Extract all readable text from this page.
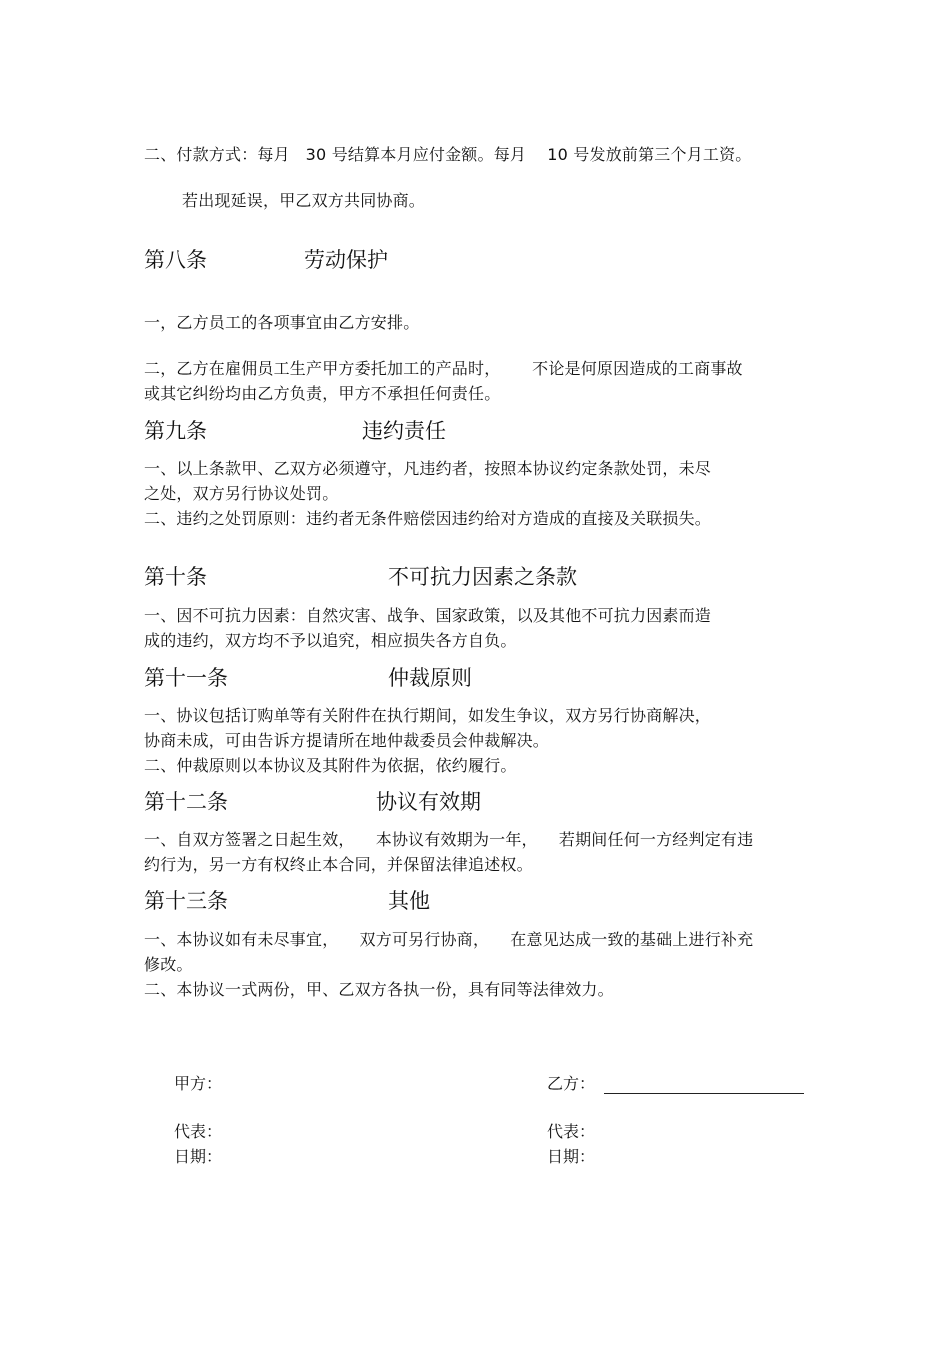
二、付款方式：每月   30 号结算本月应付金额。每月    10 号发放前第三个月工资。
若出现延误，甲乙双方共同协商。
第八条	劳动保护
一，乙方员工的各项事宜由乙方安排。
二，乙方在雇佣员工生产甲方委托加工的产品时，      不论是何原因造成的工商事故
或其它纠纷均由乙方负责，甲方不承担任何责任。
第九条	违约责任
一、以上条款甲、乙双方必须遵守，凡违约者，按照本协议约定条款处罚，未尽
之处，双方另行协议处罚。
二、违约之处罚原则：违约者无条件赔偿因违约给对方造成的直接及关联损失。
第十条	不可抗力因素之条款
一、因不可抗力因素：自然灾害、战争、国家政策，以及其他不可抗力因素而造
成的违约，双方均不予以追究，相应损失各方自负。
第十一条	仲裁原则
一、协议包括订购单等有关附件在执行期间，如发生争议，双方另行协商解决，
协商未成，可由告诉方提请所在地仲裁委员会仲裁解决。
二、仲裁原则以本协议及其附件为依据，依约履行。
第十二条	协议有效期
一、自双方签署之日起生效，    本协议有效期为一年，    若期间任何一方经判定有违
约行为，另一方有权终止本合同，并保留法律追述权。
第十三条	其他
一、本协议如有未尽事宜，    双方可另行协商，    在意见达成一致的基础上进行补充
修改。
二、本协议一式两份，甲、乙双方各执一份，具有同等法律效力。
甲方：	乙方：
代表：	代表：
日期：	日期：
